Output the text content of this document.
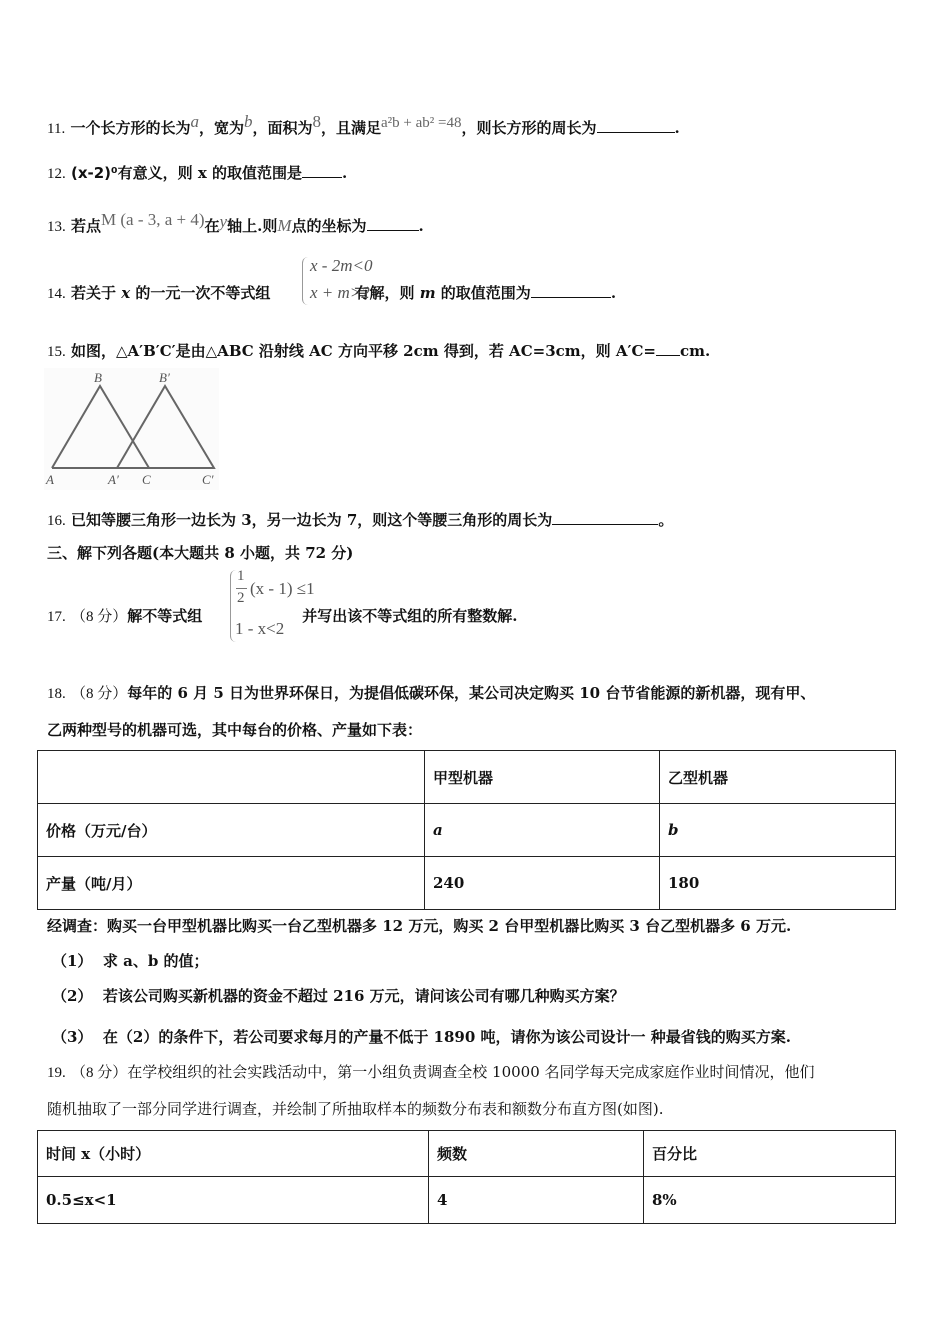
11. 一个长方形的长为a，宽为b，面积为8，且满足a²b + ab² =48，则长方形的周长为	.
12. (x-2)⁰有意义，则 x 的取值范围是	.
13. 若点M (a - 3, a + 4)在y轴上.则M点的坐标为	.
14. 若关于 x 的一元一次不等式组	有解，则 m 的取值范围为	.
x - 2m<0
x + m>2
15. 如图，△A′B′C′是由△ABC 沿射线 AC 方向平移 2cm 得到，若 AC=3cm，则 A′C= cm.
B	B′
A	A′ C	C′
16. 已知等腰三角形一边长为 3，另一边长为 7，则这个等腰三角形的周长为	。
三、解下列各题(本大题共 8 小题，共 72 分)
17. （8 分）解不等式组	并写出该不等式组的所有整数解.
1
2 (x - 1) ≤1
1 - x<2
18. （8 分）每年的 6 月 5 日为世界环保日，为提倡低碳环保，某公司决定购买 10 台节省能源的新机器，现有甲、
乙两种型号的机器可选，其中每台的价格、产量如下表：
	甲型机器	乙型机器
价格（万元/台）	a	b
产量（吨/月）	240	180
经调查：购买一台甲型机器比购买一台乙型机器多 12 万元，购买 2 台甲型机器比购买 3 台乙型机器多 6 万元.
（1） 求 a、b 的值；
（2） 若该公司购买新机器的资金不超过 216 万元，请问该公司有哪几种购买方案？
（3） 在（2）的条件下，若公司要求每月的产量不低于 1890 吨，请你为该公司设计一 种最省钱的购买方案.
19. （8 分）在学校组织的社会实践活动中，第一小组负责调查全校 10000 名同学每天完成家庭作业时间情况，他们
随机抽取了一部分同学进行调查，并绘制了所抽取样本的频数分布表和额数分布直方图(如图).
时间 x（小时）	频数	百分比
0.5≤x<1	4	8%
